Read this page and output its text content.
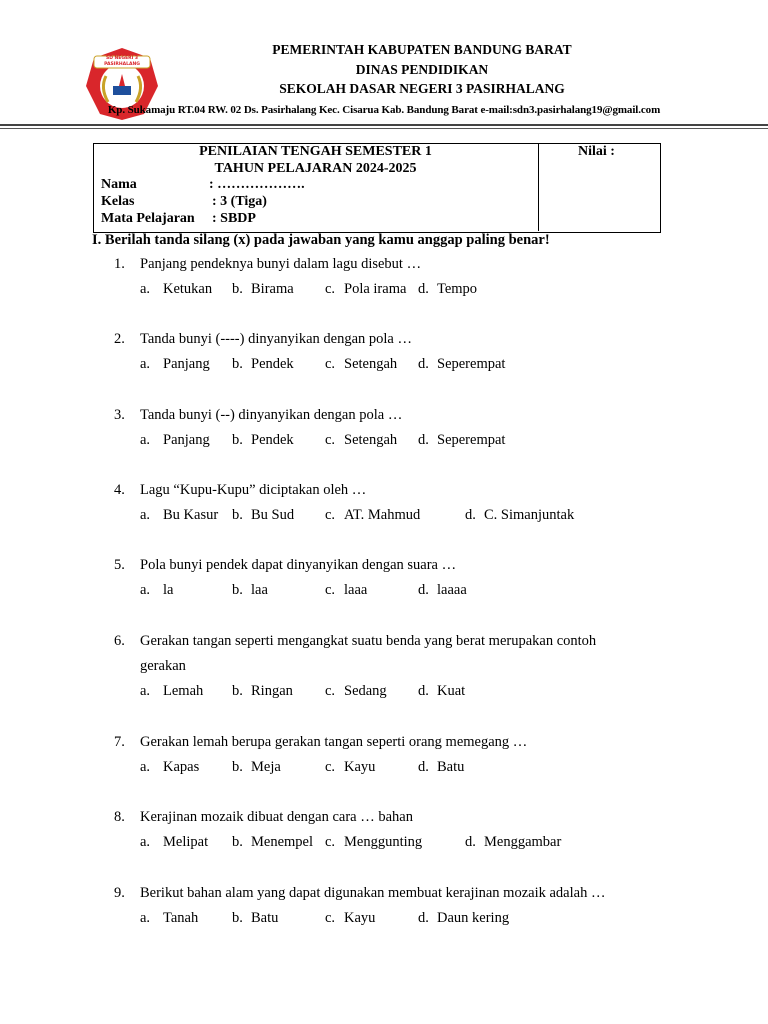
SD NEGERI 3
PASIRHALANG
PEMERINTAH KABUPATEN BANDUNG BARAT
DINAS PENDIDIKAN
SEKOLAH DASAR NEGERI 3 PASIRHALANG
Kp. Sukamaju RT.04 RW. 02 Ds. Pasirhalang Kec. Cisarua Kab. Bandung Barat e-mail:sdn3.pasirhalang19@gmail.com
PENILAIAN TENGAH SEMESTER 1
TAHUN PELAJARAN 2024-2025
Nama	: ……………….
Kelas	: 3 (Tiga)
Mata Pelajaran : SBDP
Nilai :
I. Berilah tanda silang (x) pada jawaban yang kamu anggap paling benar!
1. Panjang pendeknya bunyi dalam lagu disebut …
a. Ketukan b. Birama c. Pola irama d. Tempo
2. Tanda bunyi (----) dinyanyikan dengan pola …
a. Panjang b. Pendek c. Setengah d. Seperempat
3. Tanda bunyi (--) dinyanyikan dengan pola …
a. Panjang b. Pendek c. Setengah d. Seperempat
4. Lagu “Kupu-Kupu” diciptakan oleh …
a. Bu Kasur b. Bu Sud c. AT. Mahmud	d. C. Simanjuntak
5. Pola bunyi pendek dapat dinyanyikan dengan suara …
a. la	b. laa	c. laaa	d. laaaa
6. Gerakan tangan seperti mengangkat suatu benda yang berat merupakan contoh
gerakan
a. Lemah b. Ringan c. Sedang d. Kuat
7. Gerakan lemah berupa gerakan tangan seperti orang memegang …
a. Kapas b. Meja	c. Kayu	d. Batu
8. Kerajinan mozaik dibuat dengan cara … bahan
a. Melipat b. Menempel c. Menggunting	d. Menggambar
9. Berikut bahan alam yang dapat digunakan membuat kerajinan mozaik adalah …
a. Tanah b. Batu	c. Kayu	d. Daun kering
